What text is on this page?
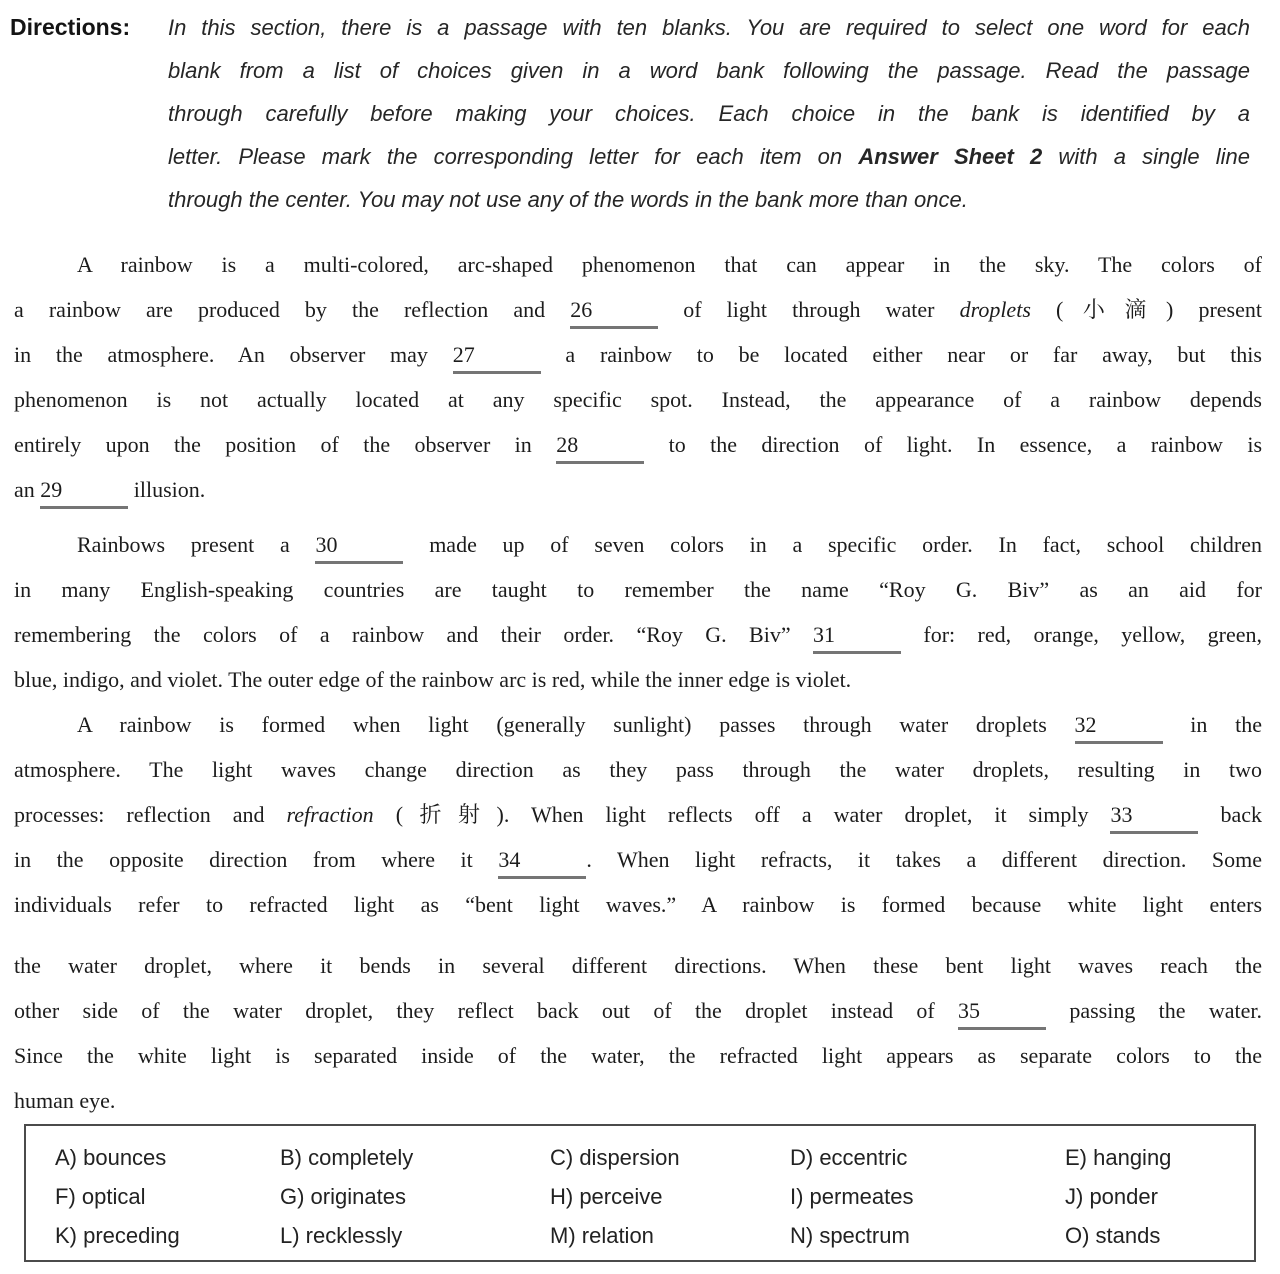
Directions:	In this section, there is a passage with ten blanks. You are required to select one word for each
blank from a list of choices given in a word bank following the passage. Read the passage
through carefully before making your choices. Each choice in the bank is identified by a
letter. Please mark the corresponding letter for each item on Answer Sheet 2 with a single line
through the center. You may not use any of the words in the bank more than once.
A rainbow is a multi-colored, arc-shaped phenomenon that can appear in the sky. The colors of
a rainbow are produced by the reflection and 26	of light through water droplets (小滴) present
in the atmosphere. An observer may 27	a rainbow to be located either near or far away, but this
phenomenon is not actually located at any specific spot. Instead, the appearance of a rainbow depends
entirely upon the position of the observer in 28	to the direction of light. In essence, a rainbow is
an 29	illusion.
Rainbows present a 30	made up of seven colors in a specific order. In fact, school children
in many English-speaking countries are taught to remember the name “Roy G. Biv” as an aid for
remembering the colors of a rainbow and their order. “Roy G. Biv” 31	for: red, orange, yellow, green,
blue, indigo, and violet. The outer edge of the rainbow arc is red, while the inner edge is violet.
A rainbow is formed when light (generally sunlight) passes through water droplets 32	in the
atmosphere. The light waves change direction as they pass through the water droplets, resulting in two
processes: reflection and refraction (折射). When light reflects off a water droplet, it simply 33	back
in the opposite direction from where it 34	. When light refracts, it takes a different direction. Some
individuals refer to refracted light as “bent light waves.” A rainbow is formed because white light enters
the water droplet, where it bends in several different directions. When these bent light waves reach the
other side of the water droplet, they reflect back out of the droplet instead of 35	passing the water.
Since the white light is separated inside of the water, the refracted light appears as separate colors to the
human eye.
A) bounces	B) completely	C) dispersion	D) eccentric	E) hanging
F) optical	G) originates	H) perceive	I) permeates	J) ponder
K) preceding	L) recklessly	M) relation	N) spectrum	O) stands
